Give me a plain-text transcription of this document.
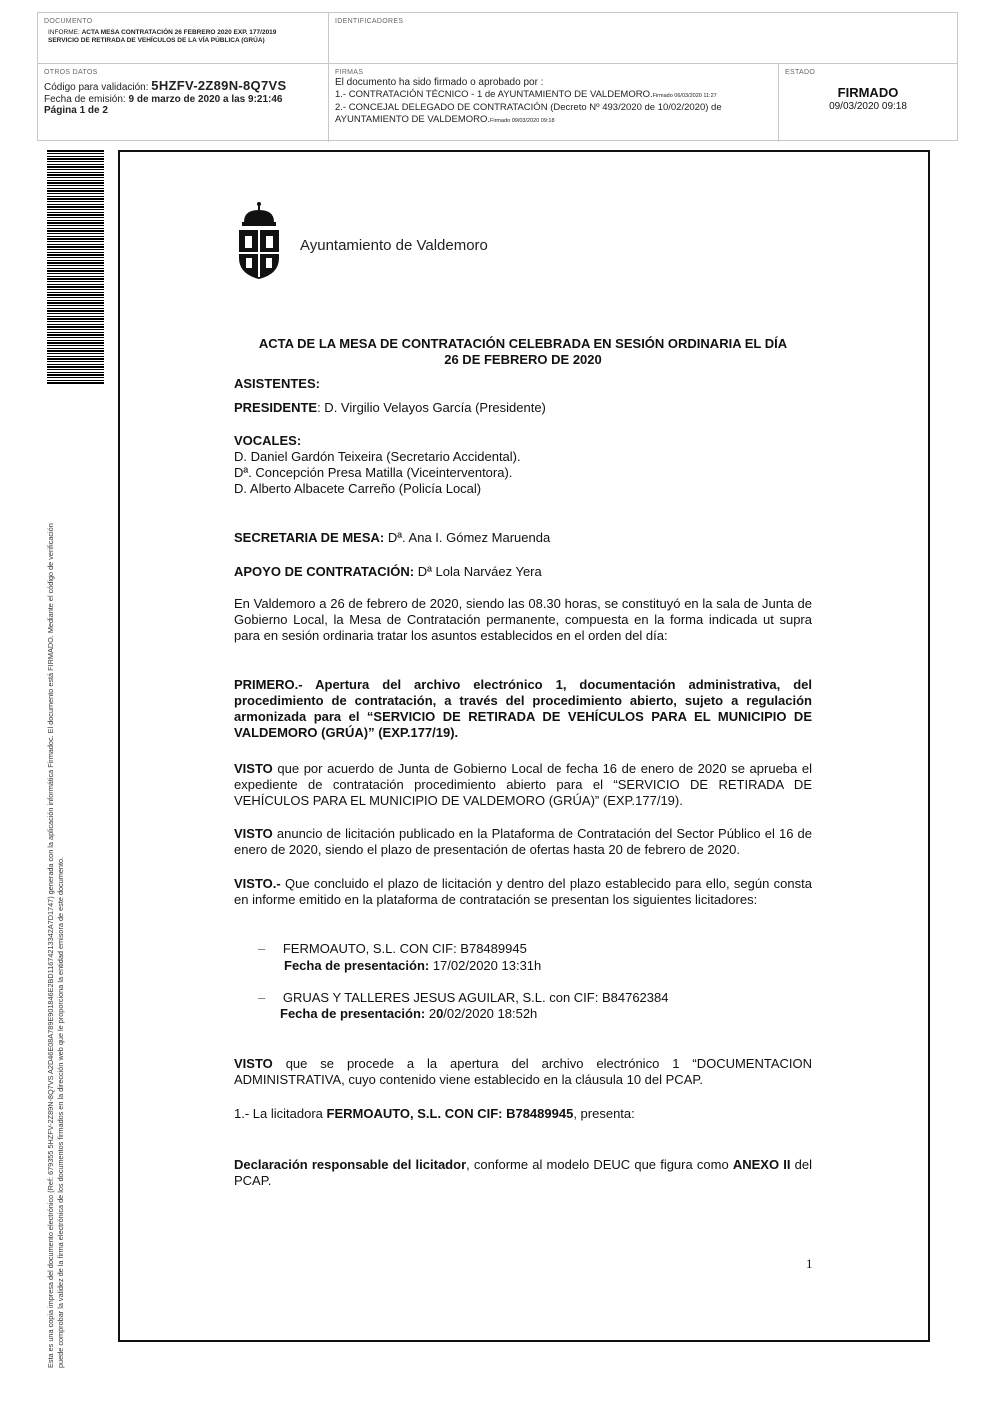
DOCUMENTO
INFORME: ACTA MESA CONTRATACIÓN 26 FEBRERO 2020 EXP. 177/2019
SERVICIO DE RETIRADA DE VEHÍCULOS DE LA VÍA PÚBLICA (GRÚA)
IDENTIFICADORES
OTROS DATOS
Código para validación: 5HZFV-2Z89N-8Q7VS
Fecha de emisión: 9 de marzo de 2020 a las 9:21:46
Página 1 de 2
FIRMAS
El documento ha sido firmado o aprobado por :
1.- CONTRATACIÓN TÉCNICO - 1 de AYUNTAMIENTO DE VALDEMORO.Firmado 06/03/2020 11:27
2.- CONCEJAL DELEGADO DE CONTRATACIÓN (Decreto Nº 493/2020 de 10/02/2020) de
AYUNTAMIENTO DE VALDEMORO.Firmado 09/03/2020 09:18
ESTADO
FIRMADO
09/03/2020 09:18
Esta es una copia impresa del documento electrónico (Ref: 679355 5HZFV-2Z89N-8Q7VS A2D46E08A789E901846E2BD11674213342A7D1747) generada con la aplicación informática Firmadoc. El documento está FIRMADO. Mediante el código de verificación puede comprobar la validez de la firma electrónica de los documentos firmados en la dirección web que le proporciona la entidad emisora de este documento.
Ayuntamiento de Valdemoro
ACTA DE LA MESA DE CONTRATACIÓN CELEBRADA EN SESIÓN ORDINARIA EL DÍA 26 DE FEBRERO DE 2020
ASISTENTES:
PRESIDENTE: D. Virgilio Velayos García (Presidente)
VOCALES:
D. Daniel Gardón Teixeira (Secretario Accidental).
Dª. Concepción Presa Matilla (Viceinterventora).
D. Alberto Albacete Carreño (Policía Local)
SECRETARIA DE MESA: Dª. Ana I. Gómez Maruenda
APOYO DE CONTRATACIÓN: Dª Lola Narváez Yera
En Valdemoro a 26 de febrero de 2020, siendo las 08.30 horas, se constituyó en la sala de Junta de Gobierno Local, la Mesa de Contratación permanente, compuesta en la forma indicada ut supra para en sesión ordinaria tratar los asuntos establecidos en el orden del día:
PRIMERO.- Apertura del archivo electrónico 1, documentación administrativa, del procedimiento de contratación, a través del procedimiento abierto, sujeto a regulación armonizada para el “SERVICIO DE RETIRADA DE VEHÍCULOS PARA EL MUNICIPIO DE VALDEMORO (GRÚA)” (EXP.177/19).
VISTO que por acuerdo de Junta de Gobierno Local de fecha 16 de enero de 2020 se aprueba el expediente de contratación procedimiento abierto para el “SERVICIO DE RETIRADA DE VEHÍCULOS PARA EL MUNICIPIO DE VALDEMORO (GRÚA)” (EXP.177/19).
VISTO anuncio de licitación publicado en la Plataforma de Contratación del Sector Público el 16 de enero de 2020, siendo el plazo de presentación de ofertas hasta 20 de febrero de 2020.
VISTO.- Que concluido el plazo de licitación y dentro del plazo establecido para ello, según consta en informe emitido en la plataforma de contratación se presentan los siguientes licitadores:
– FERMOAUTO, S.L. CON CIF: B78489945
Fecha de presentación: 17/02/2020 13:31h
– GRUAS Y TALLERES JESUS AGUILAR, S.L. con CIF: B84762384
Fecha de presentación: 20/02/2020 18:52h
VISTO que se procede a la apertura del archivo electrónico 1 “DOCUMENTACION ADMINISTRATIVA, cuyo contenido viene establecido en la cláusula 10 del PCAP.
1.- La licitadora FERMOAUTO, S.L. CON CIF: B78489945, presenta:
Declaración responsable del licitador, conforme al modelo DEUC que figura como ANEXO II del PCAP.
1
